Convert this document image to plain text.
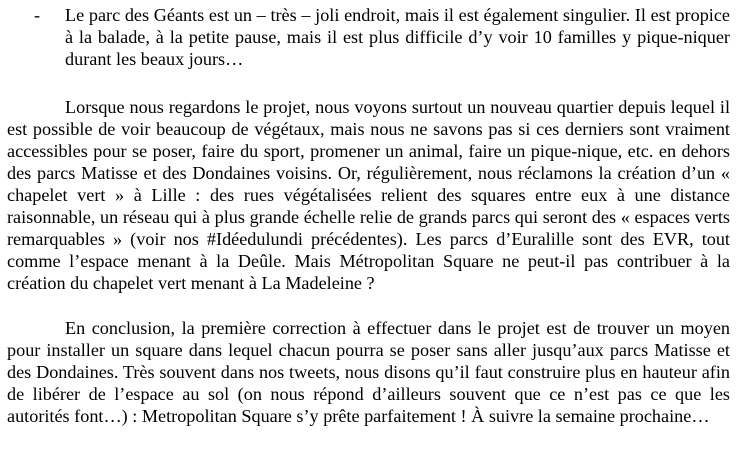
- Le parc des Géants est un – très – joli endroit, mais il est également singulier. Il est propice à la balade, à la petite pause, mais il est plus difficile d’y voir 10 familles y pique-niquer durant les beaux jours…

Lorsque nous regardons le projet, nous voyons surtout un nouveau quartier depuis lequel il est possible de voir beaucoup de végétaux, mais nous ne savons pas si ces derniers sont vraiment accessibles pour se poser, faire du sport, promener un animal, faire un pique-nique, etc. en dehors des parcs Matisse et des Dondaines voisins. Or, régulièrement, nous réclamons la création d’un « chapelet vert » à Lille : des rues végétalisées relient des squares entre eux à une distance raisonnable, un réseau qui à plus grande échelle relie de grands parcs qui seront des « espaces verts remarquables » (voir nos #Idéedulundi précédentes). Les parcs d’Euralille sont des EVR, tout comme l’espace menant à la Deûle. Mais Métropolitan Square ne peut-il pas contribuer à la création du chapelet vert menant à La Madeleine ?

En conclusion, la première correction à effectuer dans le projet est de trouver un moyen pour installer un square dans lequel chacun pourra se poser sans aller jusqu’aux parcs Matisse et des Dondaines. Très souvent dans nos tweets, nous disons qu’il faut construire plus en hauteur afin de libérer de l’espace au sol (on nous répond d’ailleurs souvent que ce n’est pas ce que les autorités font…) : Metropolitan Square s’y prête parfaitement ! À suivre la semaine prochaine…
